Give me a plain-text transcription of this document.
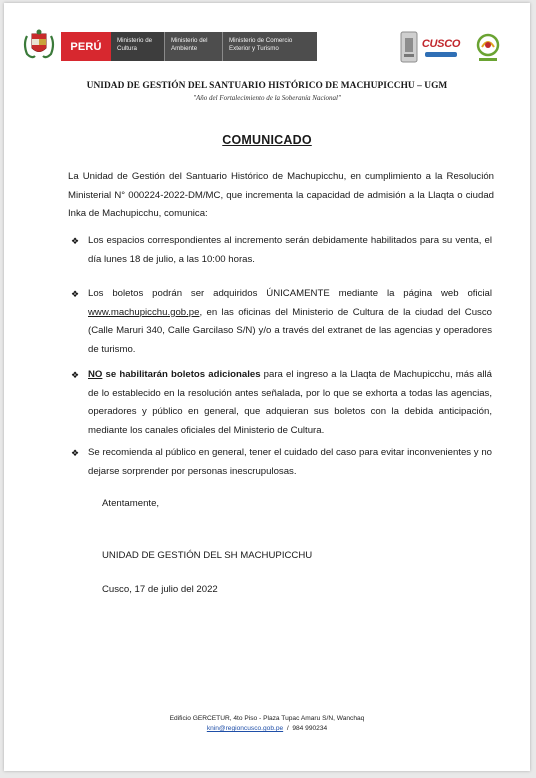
PERÚ	Ministerio de Cultura
Ministerio del Ambiente
Ministerio de Comercio Exterior y Turismo	CUSCO
UNIDAD DE GESTIÓN DEL SANTUARIO HISTÓRICO DE MACHUPICCHU – UGM
"Año del Fortalecimiento de la Soberanía Nacional"
COMUNICADO
La Unidad de Gestión del Santuario Histórico de Machupicchu, en cumplimiento a la Resolución Ministerial N° 000224-2022-DM/MC, que incrementa la capacidad de admisión a la Llaqta o ciudad Inka de Machupicchu, comunica:
❖ Los espacios correspondientes al incremento serán debidamente habilitados para su venta, el día lunes 18 de julio, a las 10:00 horas.
❖ Los boletos podrán ser adquiridos ÚNICAMENTE mediante la página web oficial www.machupicchu.gob.pe, en las oficinas del Ministerio de Cultura de la ciudad del Cusco (Calle Maruri 340, Calle Garcilaso S/N) y/o a través del extranet de las agencias y operadores de turismo.
❖ NO se habilitarán boletos adicionales para el ingreso a la Llaqta de Machupicchu, más allá de lo establecido en la resolución antes señalada, por lo que se exhorta a todas las agencias, operadores y público en general, que adquieran sus boletos con la debida anticipación, mediante los canales oficiales del Ministerio de Cultura.
❖ Se recomienda al público en general, tener el cuidado del caso para evitar inconvenientes y no dejarse sorprender por personas inescrupulosas.
Atentamente,
UNIDAD DE GESTIÓN DEL SH MACHUPICCHU
Cusco, 17 de julio del 2022
Edificio GERCETUR, 4to Piso - Plaza Tupac Amaru S/N, Wanchaq
knin@regioncusco.gob.pe / 984 990234
